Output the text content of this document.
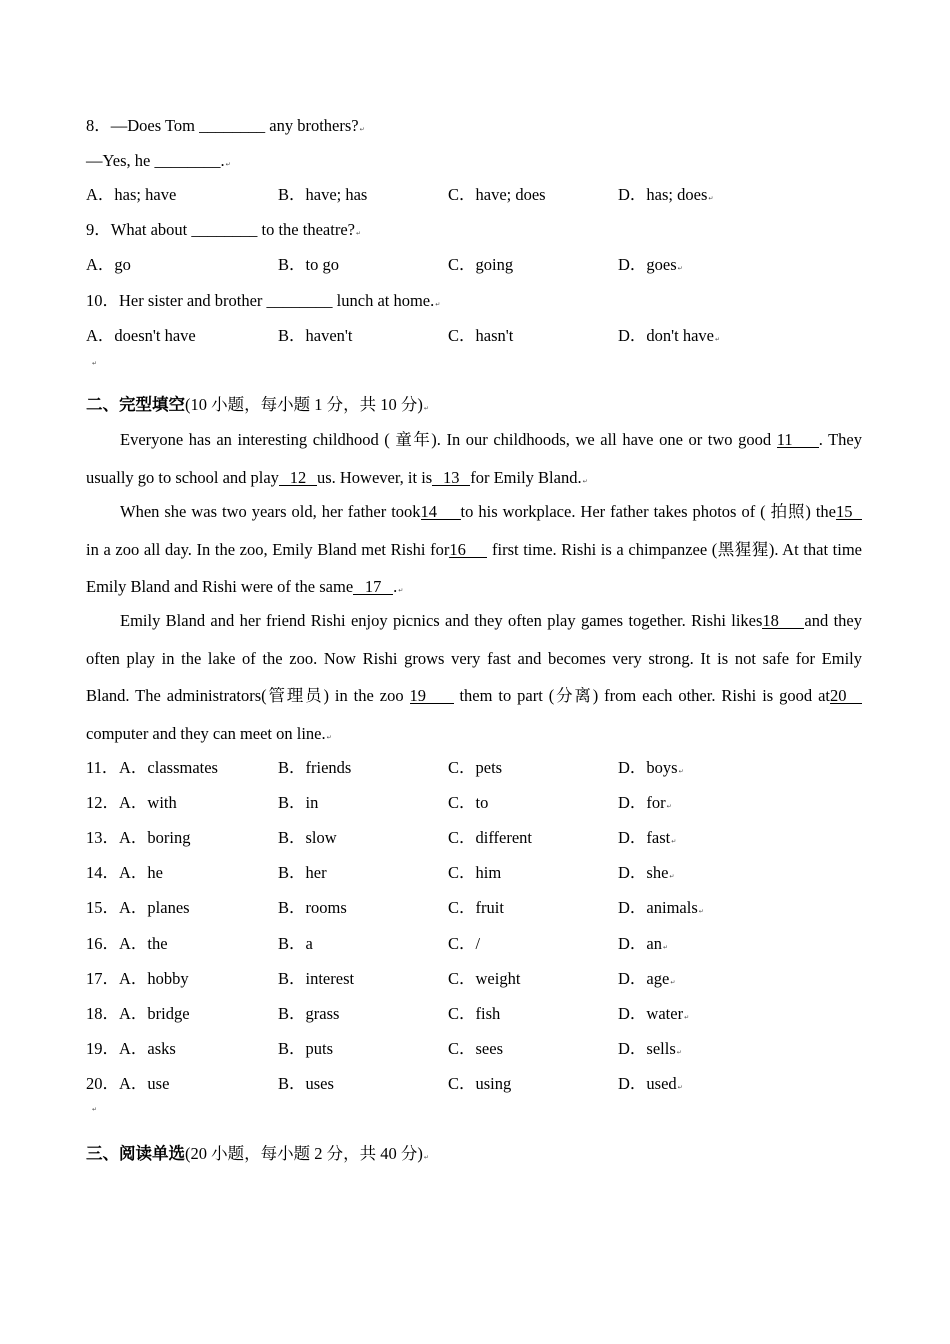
8．—Does Tom ________ any brothers? ↵
—Yes, he ________. ↵
A．has; have	B．have; has	C．have; does	D．has; does ↵
9．What about ________ to the theatre? ↵
A．go	B．to go	C．going	D．goes ↵
10．Her sister and brother ________ lunch at home. ↵
A．doesn't have	B．haven't	C．hasn't	D．don't have ↵
↵
二、完型填空(10 小题，每小题 1 分，共 10 分) ↵
Everyone has an interesting childhood ( 童年). In our childhoods, we all have one or two good 11 . They
usually go to school and play 12 us. However, it is 13 for Emily Bland. ↵
When she was two years old, her father took14 to his workplace. Her father takes photos of ( 拍照) the15
in a zoo all day. In the zoo, Emily Bland met Rishi for16 first time. Rishi is a chimpanzee (黑猩猩). At that time
Emily Bland and Rishi were of the same 17 . ↵
Emily Bland and her friend Rishi enjoy picnics and they often play games together. Rishi likes18 and they
often play in the lake of the zoo. Now Rishi grows very fast and becomes very strong. It is not safe for Emily
Bland. The administrators(管理员) in the zoo 19 them to part (分离) from each other. Rishi is good at20
computer and they can meet on line. ↵
11． A．classmates	B．friends	C．pets	D．boys ↵
12． A．with	B．in	C．to	D．for ↵
13． A．boring	B．slow	C．different	D．fast ↵
14． A．he	B．her	C．him	D．she ↵
15． A．planes	B．rooms	C．fruit	D．animals ↵
16． A．the	B．a	C．/	D．an ↵
17． A．hobby	B．interest	C．weight	D．age ↵
18． A．bridge	B．grass	C．fish	D．water ↵
19． A．asks	B．puts	C．sees	D．sells ↵
20． A．use	B．uses	C．using	D．used ↵
↵
三、阅读单选(20 小题，每小题 2 分，共 40 分) ↵
